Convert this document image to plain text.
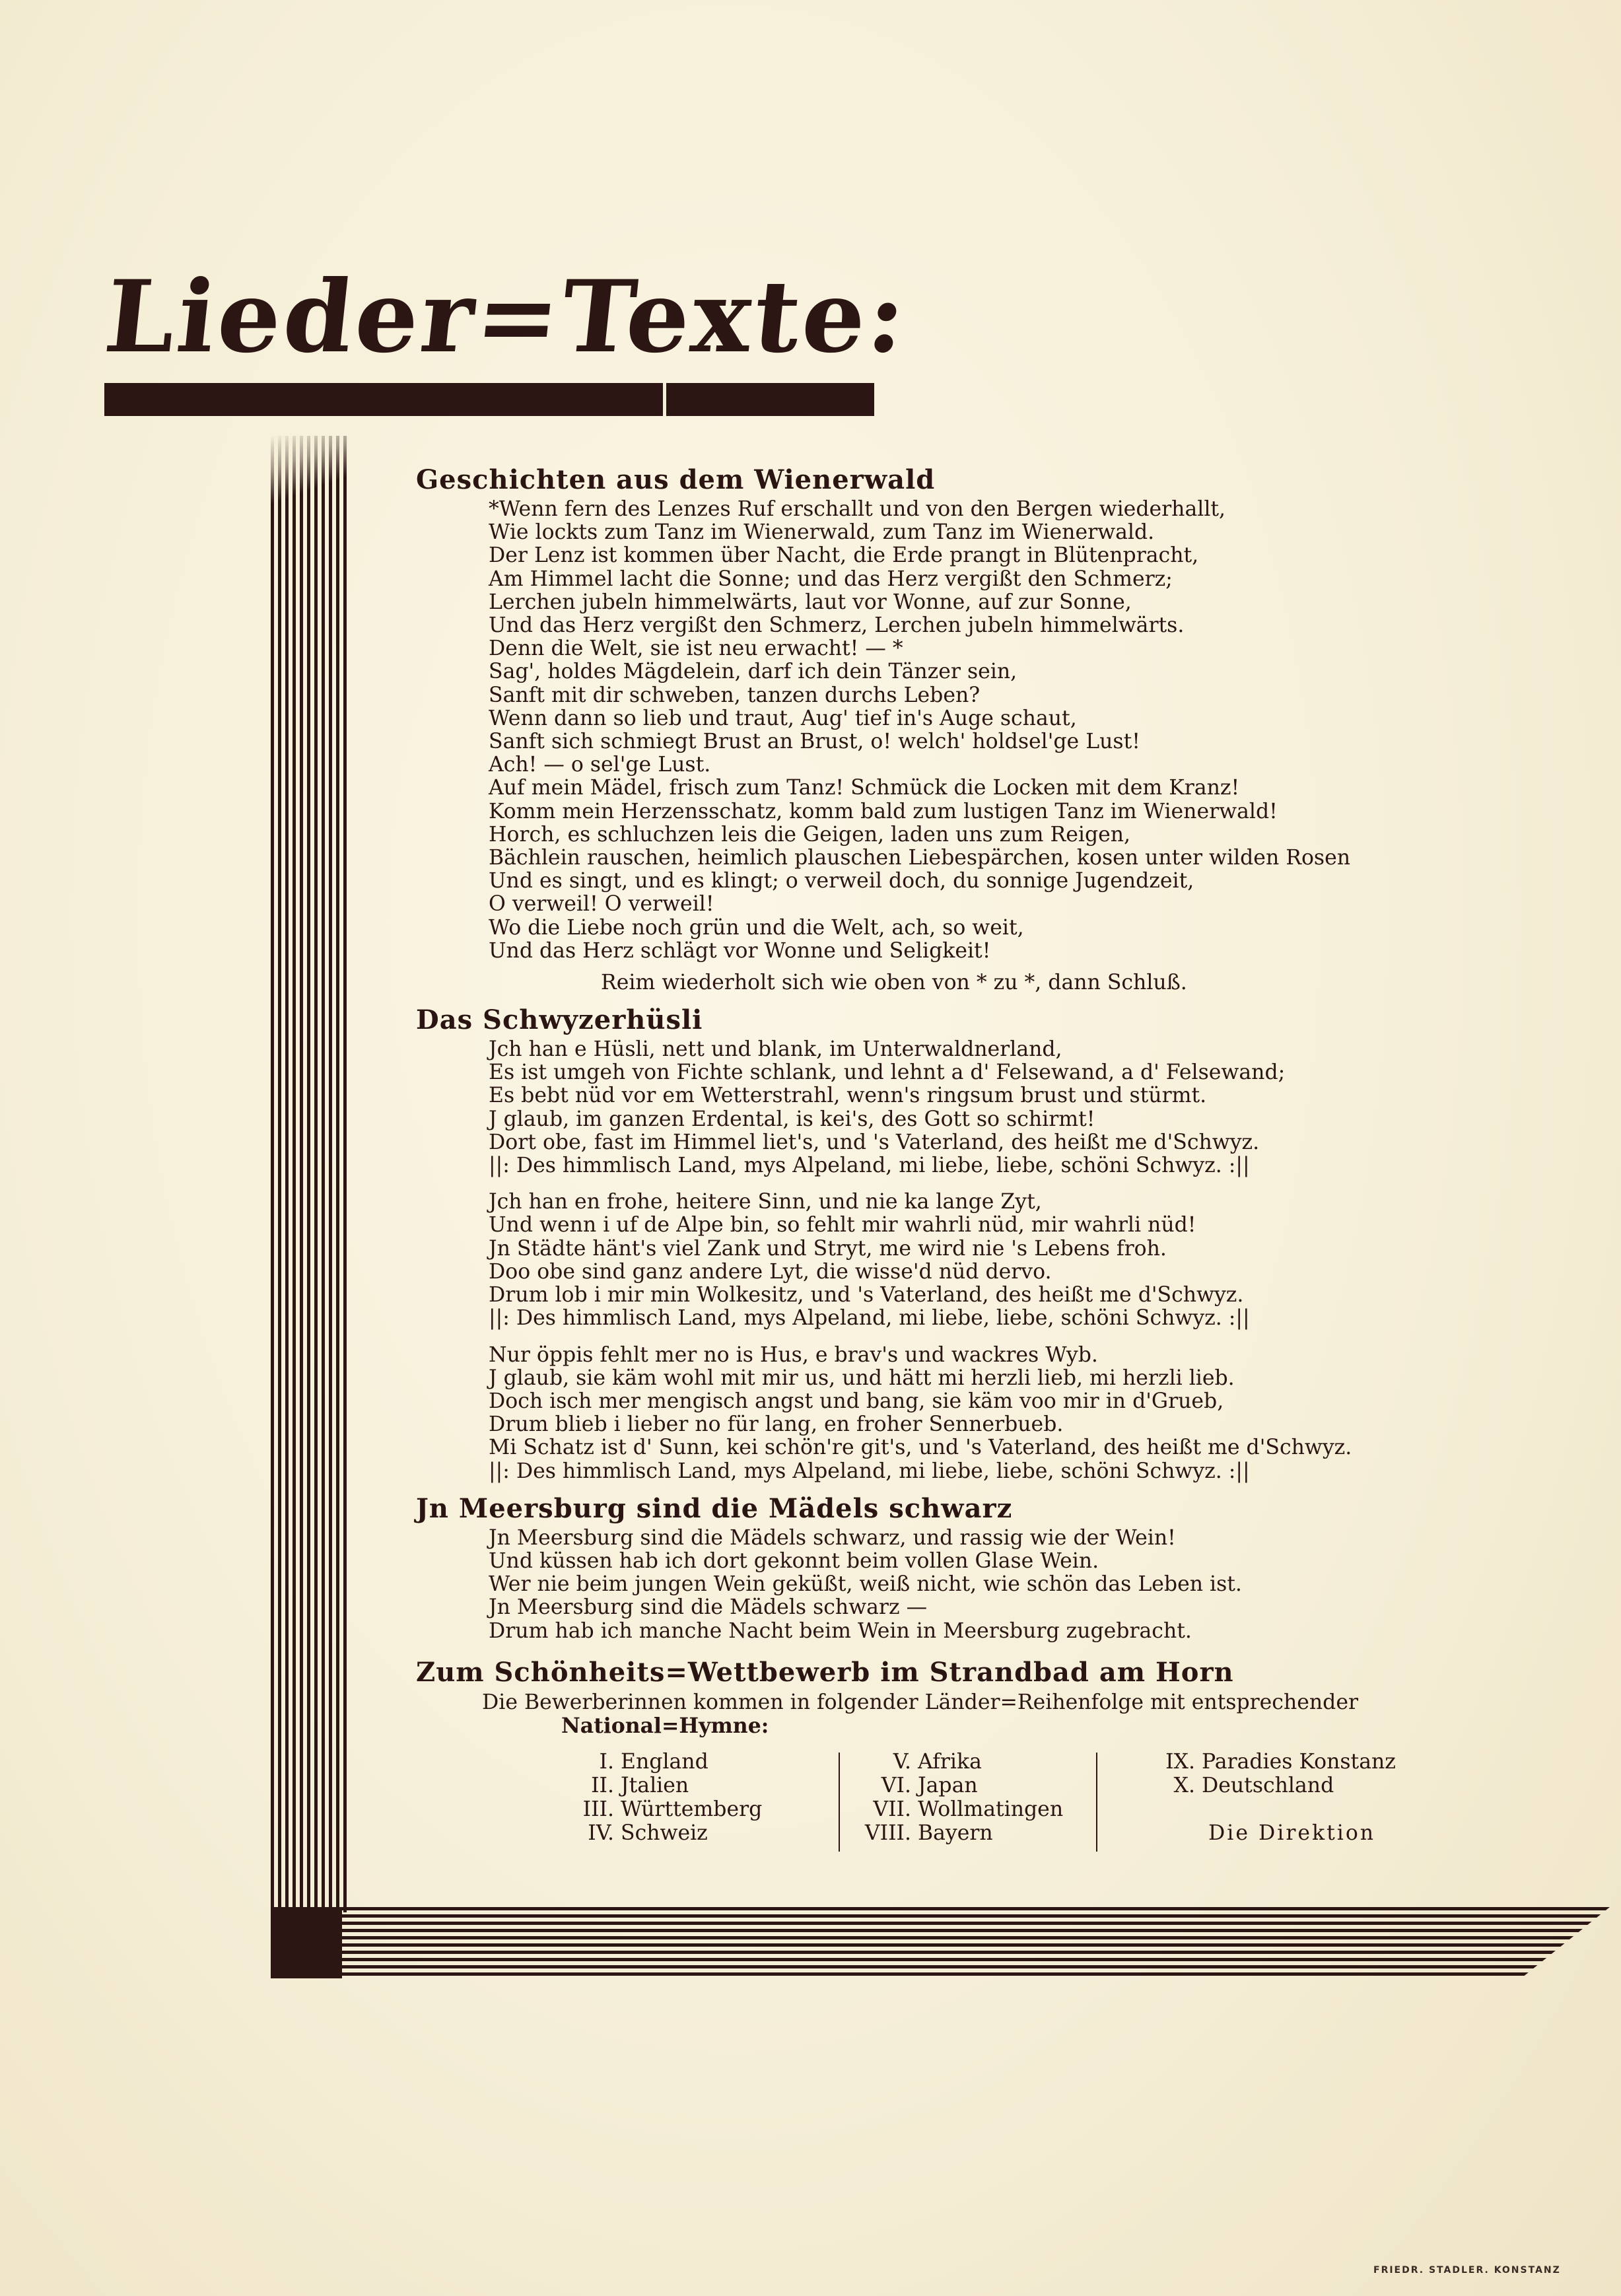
Lieder=Texte:
Geschichten aus dem Wienerwald

*Wenn fern des Lenzes Ruf erschallt und von den Bergen wiederhallt,

Wie lockts zum Tanz im Wienerwald, zum Tanz im Wienerwald.

Der Lenz ist kommen über Nacht, die Erde prangt in Blütenpracht,

Am Himmel lacht die Sonne; und das Herz vergißt den Schmerz;

Lerchen jubeln himmelwärts, laut vor Wonne, auf zur Sonne,

Und das Herz vergißt den Schmerz, Lerchen jubeln himmelwärts.

Denn die Welt, sie ist neu erwacht! — *

Sag', holdes Mägdelein, darf ich dein Tänzer sein,

Sanft mit dir schweben, tanzen durchs Leben?

Wenn dann so lieb und traut, Aug' tief in's Auge schaut,

Sanft sich schmiegt Brust an Brust, o! welch' holdsel'ge Lust!

Ach! — o sel'ge Lust.

Auf mein Mädel, frisch zum Tanz! Schmück die Locken mit dem Kranz!

Komm mein Herzensschatz, komm bald zum lustigen Tanz im Wienerwald!

Horch, es schluchzen leis die Geigen, laden uns zum Reigen,

Bächlein rauschen, heimlich plauschen Liebespärchen, kosen unter wilden Rosen

Und es singt, und es klingt; o verweil doch, du sonnige Jugendzeit,

O verweil! O verweil!

Wo die Liebe noch grün und die Welt, ach, so weit,

Und das Herz schlägt vor Wonne und Seligkeit!

Reim wiederholt sich wie oben von * zu *, dann Schluß.

Das Schwyzerhüsli

Jch han e Hüsli, nett und blank, im Unterwaldnerland,

Es ist umgeh von Fichte schlank, und lehnt a d' Felsewand, a d' Felsewand;

Es bebt nüd vor em Wetterstrahl, wenn's ringsum brust und stürmt.

J glaub, im ganzen Erdental, is kei's, des Gott so schirmt!

Dort obe, fast im Himmel liet's, und 's Vaterland, des heißt me d'Schwyz.

||: Des himmlisch Land, mys Alpeland, mi liebe, liebe, schöni Schwyz. :||

Jch han en frohe, heitere Sinn, und nie ka lange Zyt,

Und wenn i uf de Alpe bin, so fehlt mir wahrli nüd, mir wahrli nüd!

Jn Städte hänt's viel Zank und Stryt, me wird nie 's Lebens froh.

Doo obe sind ganz andere Lyt, die wisse'd nüd dervo.

Drum lob i mir min Wolkesitz, und 's Vaterland, des heißt me d'Schwyz.

||: Des himmlisch Land, mys Alpeland, mi liebe, liebe, schöni Schwyz. :||

Nur öppis fehlt mer no is Hus, e brav's und wackres Wyb.

J glaub, sie käm wohl mit mir us, und hätt mi herzli lieb, mi herzli lieb.

Doch isch mer mengisch angst und bang, sie käm voo mir in d'Grueb,

Drum blieb i lieber no für lang, en froher Sennerbueb.

Mi Schatz ist d' Sunn, kei schön're git's, und 's Vaterland, des heißt me d'Schwyz.

||: Des himmlisch Land, mys Alpeland, mi liebe, liebe, schöni Schwyz. :||

Jn Meersburg sind die Mädels schwarz

Jn Meersburg sind die Mädels schwarz, und rassig wie der Wein!

Und küssen hab ich dort gekonnt beim vollen Glase Wein.

Wer nie beim jungen Wein geküßt, weiß nicht, wie schön das Leben ist.

Jn Meersburg sind die Mädels schwarz —

Drum hab ich manche Nacht beim Wein in Meersburg zugebracht.

Zum Schönheits=Wettbewerb im Strandbad am Horn
Die Bewerberinnen kommen in folgender Länder=Reihenfolge mit entsprechender
National=Hymne:
I. England
II. Jtalien
III. Württemberg
IV. Schweiz
V. Afrika
VI. Japan
VII. Wollmatingen
VIII. Bayern
IX. Paradies Konstanz
X. Deutschland
Die Direktion
FRIEDR. STADLER. KONSTANZ
